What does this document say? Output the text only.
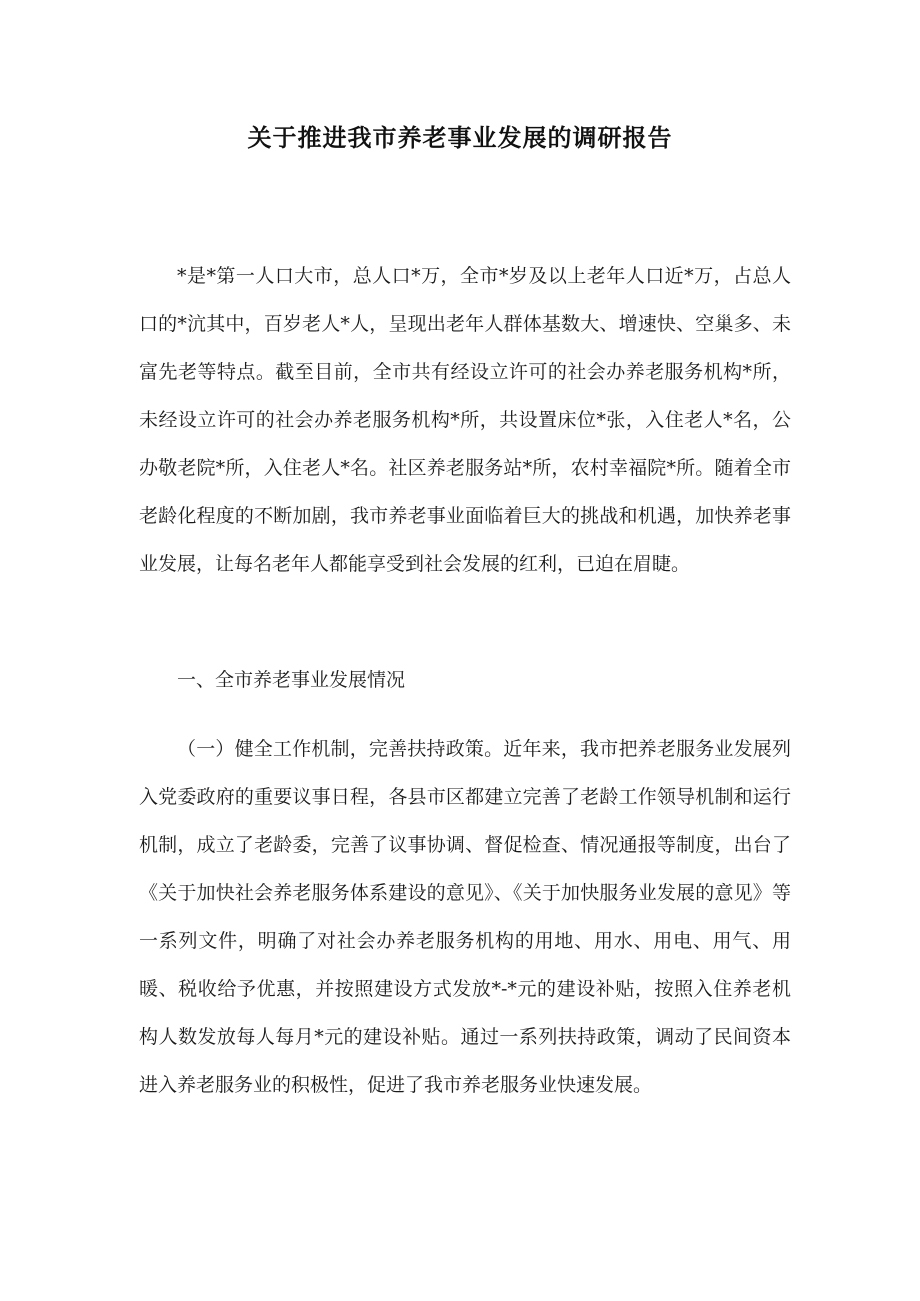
关于推进我市养老事业发展的调研报告

*是*第一人口大市，总人口*万，全市*岁及以上老年人口近*万，占总人口的*沆其中，百岁老人*人，呈现出老年人群体基数大、增速快、空巢多、未富先老等特点。截至目前，全市共有经设立许可的社会办养老服务机构*所，未经设立许可的社会办养老服务机构*所，共设置床位*张，入住老人*名，公办敬老院*所，入住老人*名。社区养老服务站*所，农村幸福院*所。随着全市老龄化程度的不断加剧，我市养老事业面临着巨大的挑战和机遇，加快养老事业发展，让每名老年人都能享受到社会发展的红利，已迫在眉睫。

一、全市养老事业发展情况

（一）健全工作机制，完善扶持政策。近年来，我市把养老服务业发展列入党委政府的重要议事日程，各县市区都建立完善了老龄工作领导机制和运行机制，成立了老龄委，完善了议事协调、督促检查、情况通报等制度，出台了《关于加快社会养老服务体系建设的意见》、《关于加快服务业发展的意见》等一系列文件，明确了对社会办养老服务机构的用地、用水、用电、用气、用暖、税收给予优惠，并按照建设方式发放*-*元的建设补贴，按照入住养老机构人数发放每人每月*元的建设补贴。通过一系列扶持政策，调动了民间资本进入养老服务业的积极性，促进了我市养老服务业快速发展。
